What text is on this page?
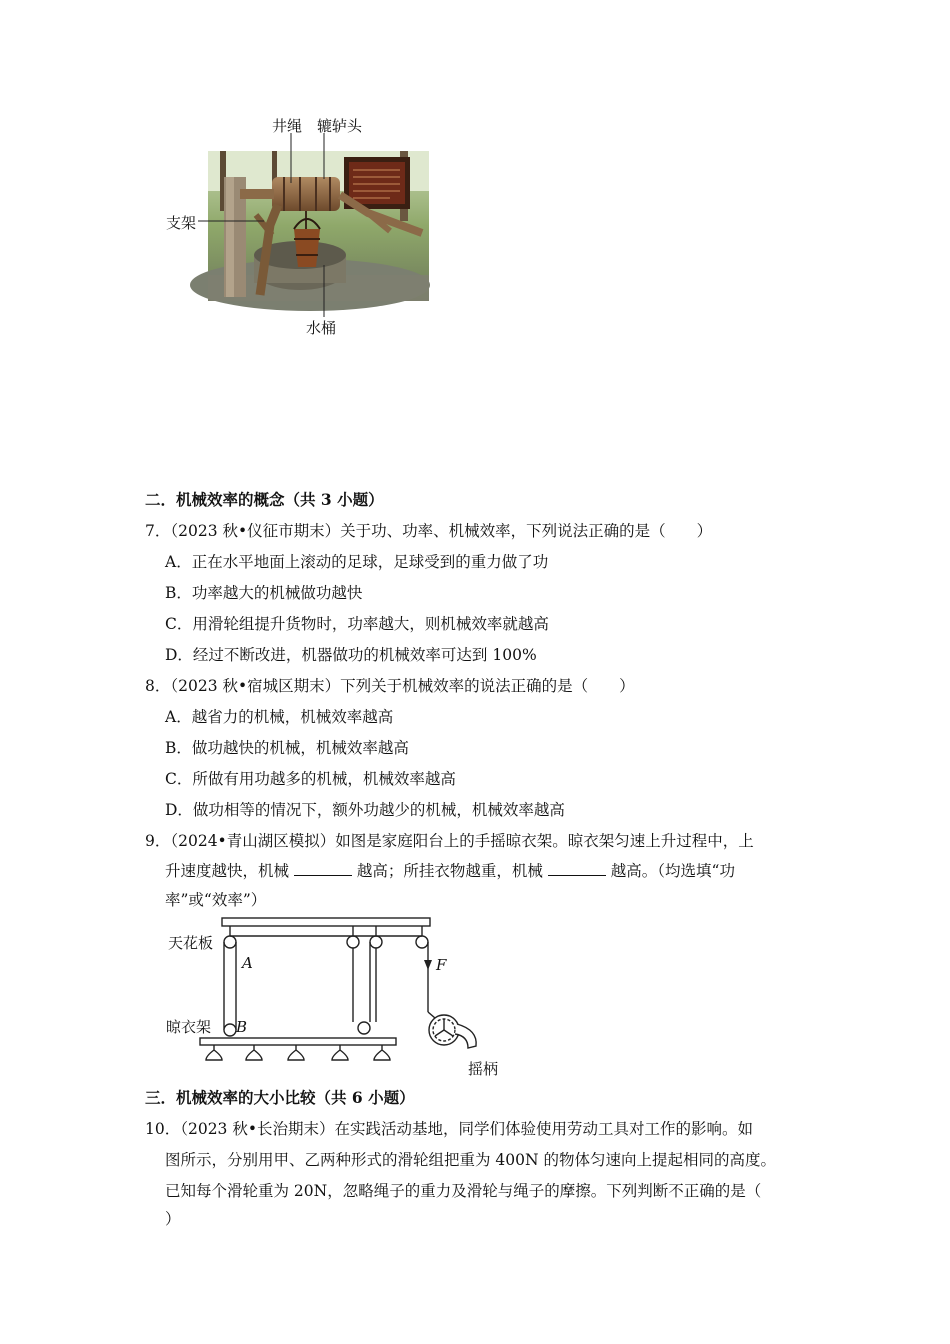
井绳 辘轳头
支架
水桶
二．机械效率的概念（共 3 小题）
7．（2023 秋•仪征市期末）关于功、功率、机械效率，下列说法正确的是（　　）
A．正在水平地面上滚动的足球，足球受到的重力做了功
B．功率越大的机械做功越快
C．用滑轮组提升货物时，功率越大，则机械效率就越高
D．经过不断改进，机器做功的机械效率可达到 100%
8．（2023 秋•宿城区期末）下列关于机械效率的说法正确的是（　　）
A．越省力的机械，机械效率越高
B．做功越快的机械，机械效率越高
C．所做有用功越多的机械，机械效率越高
D．做功相等的情况下，额外功越少的机械，机械效率越高
9．（2024•青山湖区模拟）如图是家庭阳台上的手摇晾衣架。晾衣架匀速上升过程中，上
升速度越快，机械	越高；所挂衣物越重，机械	越高。（均选填“功
率”或“效率”）
天花板
A	F
晾衣架 B
摇柄
三．机械效率的大小比较（共 6 小题）
10．（2023 秋•长治期末）在实践活动基地，同学们体验使用劳动工具对工作的影响。如
图所示，分别用甲、乙两种形式的滑轮组把重为 400N 的物体匀速向上提起相同的高度。
已知每个滑轮重为 20N，忽略绳子的重力及滑轮与绳子的摩擦。下列判断不正确的是（
）
